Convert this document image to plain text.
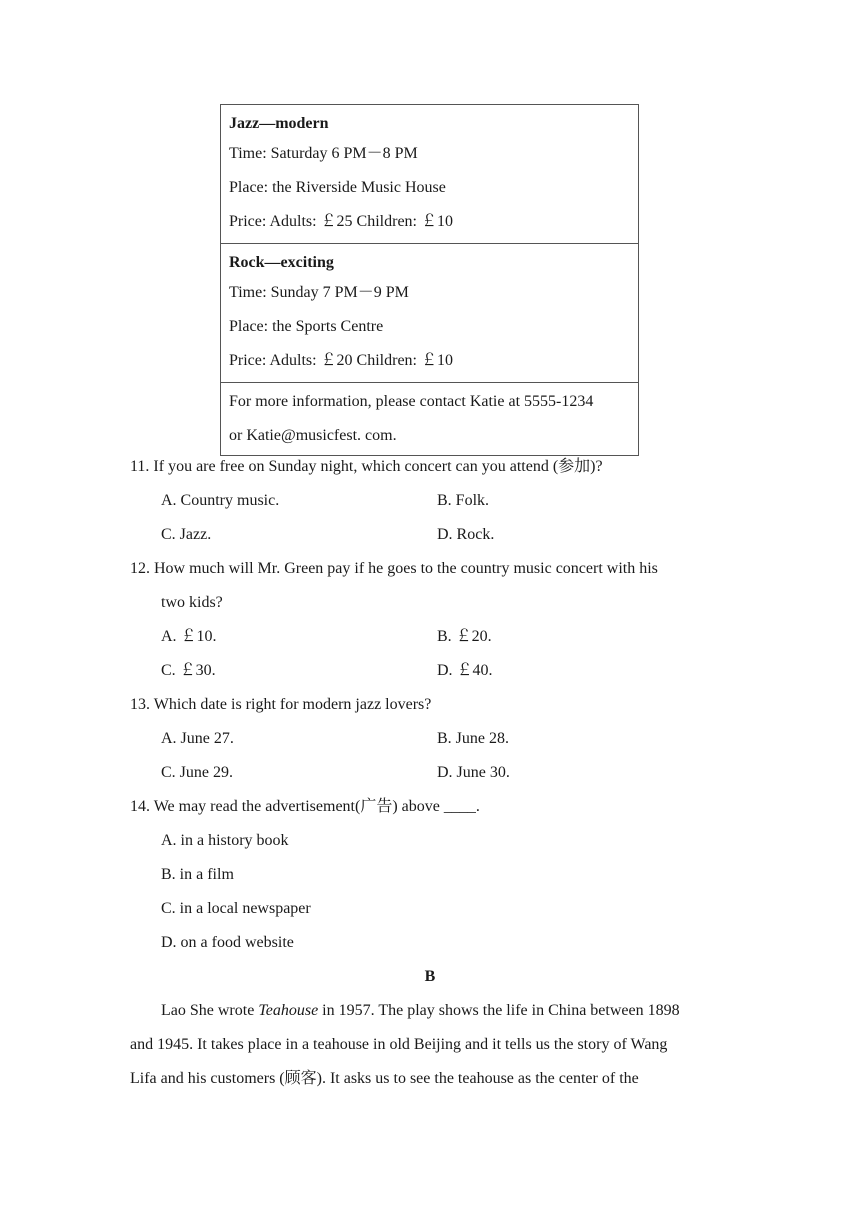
Jazz—modern
Time: Saturday 6 PM－8 PM
Place: the Riverside Music House
Price: Adults: ￡25 Children: ￡10
Rock—exciting
Time: Sunday 7 PM－9 PM
Place: the Sports Centre
Price: Adults: ￡20 Children: ￡10
For more information, please contact Katie at 5555-1234
or Katie@musicfest. com.
11. If you are free on Sunday night, which concert can you attend (参加)?
A. Country music.	B. Folk.
C. Jazz.	D. Rock.
12. How much will Mr. Green pay if he goes to the country music concert with his
two kids?
A. ￡10.	B. ￡20.
C. ￡30.	D. ￡40.
13. Which date is right for modern jazz lovers?
A. June 27.	B. June 28.
C. June 29.	D. June 30.
14. We may read the advertisement(广告) above ____.
A. in a history book
B. in a film
C. in a local newspaper
D. on a food website
B
Lao She wrote Teahouse in 1957. The play shows the life in China between 1898
and 1945. It takes place in a teahouse in old Beijing and it tells us the story of Wang
Lifa and his customers (顾客). It asks us to see the teahouse as the center of the
